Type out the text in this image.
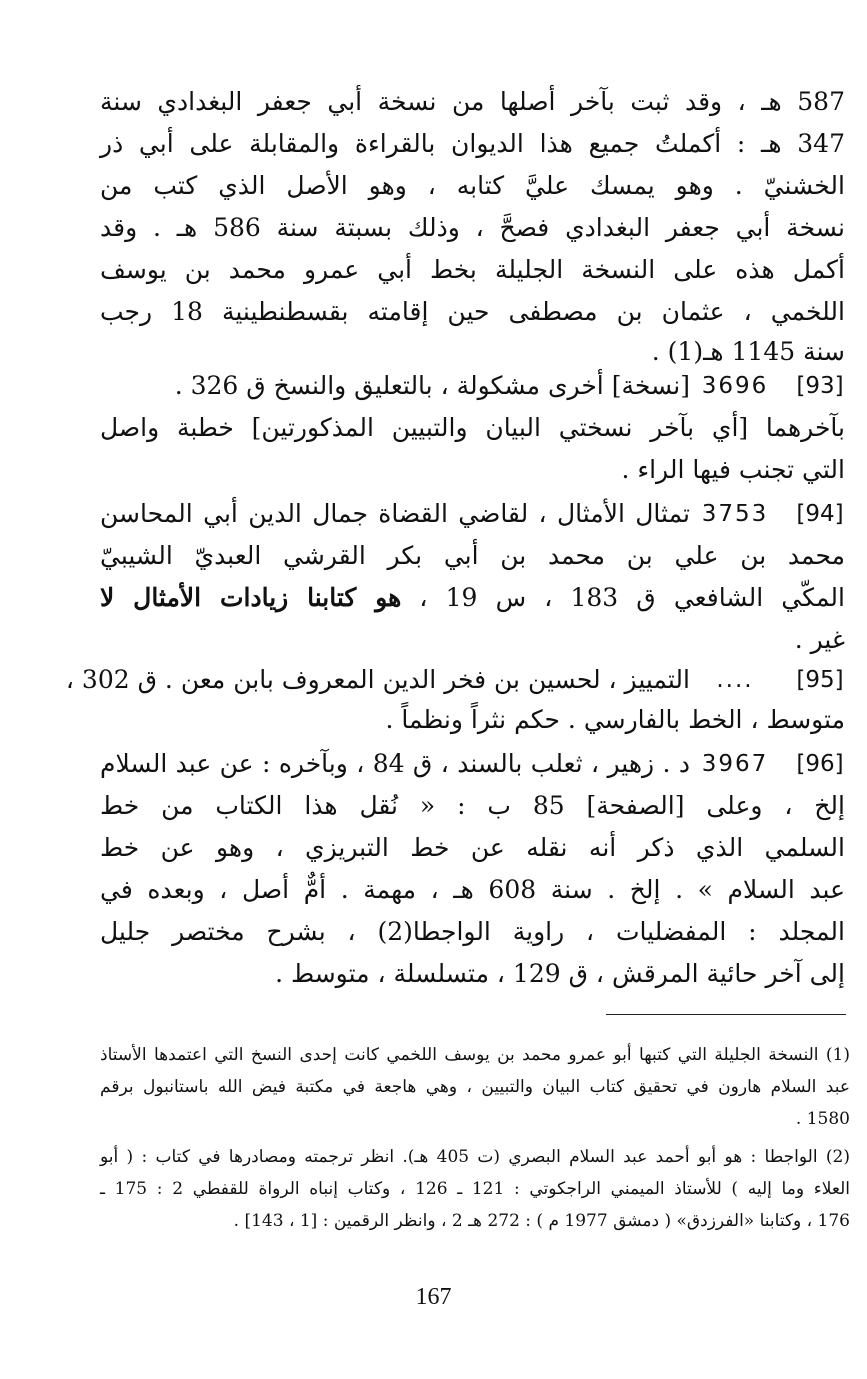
587 هـ ، وقد ثبت بآخر أصلها من نسخة أبي جعفر البغدادي سنة
347 هـ : أكملتُ جميع هذا الديوان بالقراءة والمقابلة على أبي ذر
الخشنيّ . وهو يمسك عليَّ كتابه ، وهو الأصل الذي كتب من
نسخة أبي جعفر البغدادي فصحَّ ، وذلك بسبتة سنة 586 هـ . وقد
أكمل هذه على النسخة الجليلة بخط أبي عمرو محمد بن يوسف
اللخمي ، عثمان بن مصطفى حين إقامته بقسطنطينية 18 رجب
سنة 1145 هـ(1) .
[93]
3696
[نسخة] أخرى مشكولة ، بالتعليق والنسخ ق 326 .
بآخرهما [أي بآخر نسختي البيان والتبيين المذكورتين] خطبة واصل
التي تجنب فيها الراء .
[94]
3753
تمثال الأمثال ، لقاضي القضاة جمال الدين أبي المحاسن
محمد بن علي بن محمد بن أبي بكر القرشي العبديّ الشيبيّ
المكّي الشافعي ق 183 ، س 19 ، هو كتابنا زيادات الأمثال لا
غير .
[95]
....
التمييز ، لحسين بن فخر الدين المعروف بابن معن . ق 302 ،
متوسط ، الخط بالفارسي . حكم نثراً ونظماً .
[96]
3967
د . زهير ، ثعلب بالسند ، ق 84 ، وبآخره : عن عبد السلام
إلخ ، وعلى [الصفحة] 85 ب : « نُقل هذا الكتاب من خط
السلمي الذي ذكر أنه نقله عن خط التبريزي ، وهو عن خط
عبد السلام » . إلخ . سنة 608 هـ ، مهمة . أمٌّ أصل ، وبعده في
المجلد : المفضليات ، راوية الواجطا(2) ، بشرح مختصر جليل
إلى آخر حائية المرقش ، ق 129 ، متسلسلة ، متوسط .
(1) النسخة الجليلة التي كتبها أبو عمرو محمد بن يوسف اللخمي كانت إحدى النسخ التي اعتمدها الأستاذ
عبد السلام هارون في تحقيق كتاب البيان والتبيين ، وهي هاجعة في مكتبة فيض الله باستانبول برقم
1580 .
(2) الواجطا : هو أبو أحمد عبد السلام البصري (ت 405 هـ). انظر ترجمته ومصادرها في كتاب : ( أبو
العلاء وما إليه ) للأستاذ الميمني الراجكوتي : 121 ـ 126 ، وكتاب إنباه الرواة للقفطي 2 : 175 ـ
176 ، وكتابنا «الفرزدق» ( دمشق 1977 م ) : 272 هـ 2 ، وانظر الرقمين : [1 ، 143] .
167
